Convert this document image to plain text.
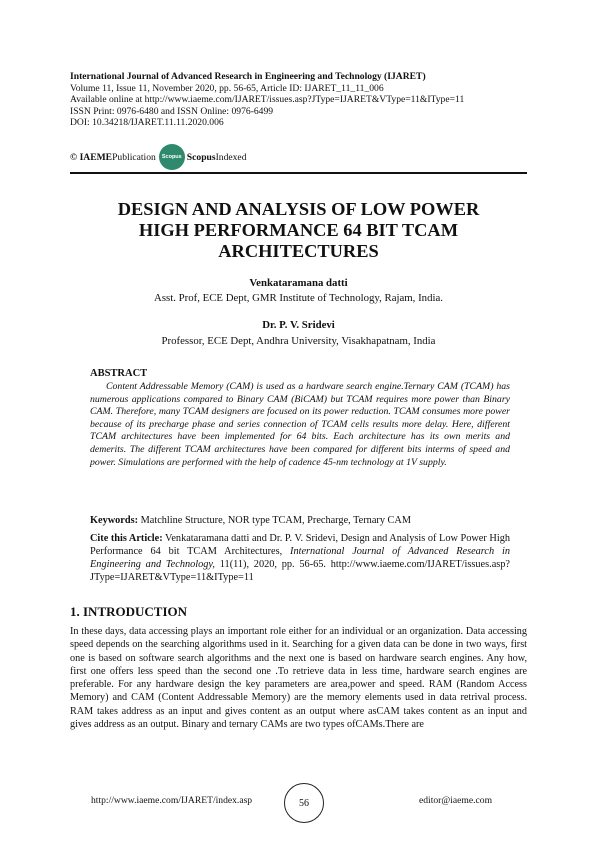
International Journal of Advanced Research in Engineering and Technology (IJARET)
Volume 11, Issue 11, November 2020, pp. 56-65, Article ID: IJARET_11_11_006
Available online at http://www.iaeme.com/IJARET/issues.asp?JType=IJARET&VType=11&IType=11
ISSN Print: 0976-6480 and ISSN Online: 0976-6499
DOI: 10.34218/IJARET.11.11.2020.006
© IAEME Publication	Scopus Scopus Indexed
DESIGN AND ANALYSIS OF LOW POWER
HIGH PERFORMANCE 64 BIT TCAM
ARCHITECTURES
Venkataramana datti
Asst. Prof, ECE Dept, GMR Institute of Technology, Rajam, India.
Dr. P. V. Sridevi
Professor, ECE Dept, Andhra University, Visakhapatnam, India
ABSTRACT
Content Addressable Memory (CAM) is used as a hardware search engine.Ternary CAM (TCAM) has numerous applications compared to Binary CAM (BiCAM) but TCAM requires more power than Binary CAM. Therefore, many TCAM designers are focused on its power reduction. TCAM consumes more power because of its precharge phase and series connection of TCAM cells results more delay. Here, different TCAM architectures have been implemented for 64 bits. Each architecture has its own merits and demerits. The different TCAM architectures have been compared for different bits interms of speed and power. Simulations are performed with the help of cadence 45-nm technology at 1V supply.
Keywords: Matchline Structure, NOR type TCAM, Precharge, Ternary CAM
Cite this Article: Venkataramana datti and Dr. P. V. Sridevi, Design and Analysis of Low Power High Performance 64 bit TCAM Architectures, International Journal of Advanced Research in Engineering and Technology, 11(11), 2020, pp. 56-65. http://www.iaeme.com/IJARET/issues.asp?JType=IJARET&VType=11&IType=11
1. INTRODUCTION
In these days, data accessing plays an important role either for an individual or an organization. Data accessing speed depends on the searching algorithms used in it. Searching for a given data can be done in two ways, first one is based on software search algorithms and the next one is based on hardware search engines. Any how, first one offers less speed than the second one .To retrieve data in less time, hardware search engines are preferable. For any hardware design the key parameters are area,power and speed. RAM (Random Access Memory) and CAM (Content Addressable Memory) are the memory elements used in data retrival process. RAM takes address as an input and gives content as an output where asCAM takes content as an input and gives address as an output. Binary and ternary CAMs are two types ofCAMs.There are
http://www.iaeme.com/IJARET/index.asp	56	editor@iaeme.com
